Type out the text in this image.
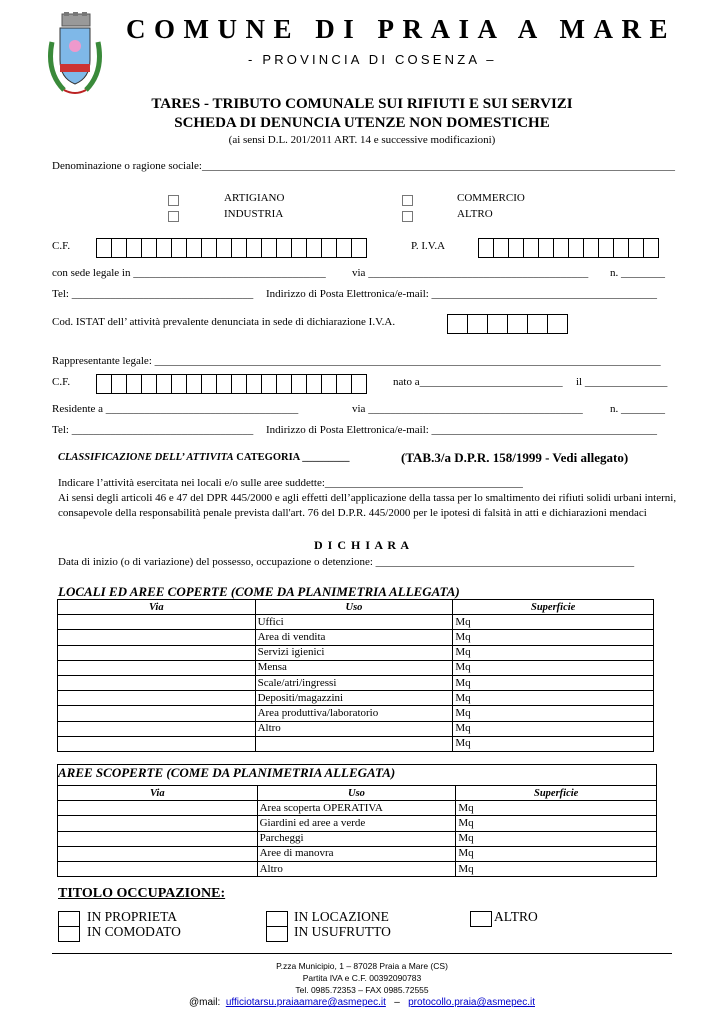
COMUNE DI PRAIA A MARE
- PROVINCIA DI COSENZA –
TARES - TRIBUTO COMUNALE SUI RIFIUTI E SUI SERVIZI
SCHEDA DI DENUNCIA UTENZE NON DOMESTICHE
(ai sensi D.L. 201/2011 ART. 14 e successive modificazioni)
Denominazione o ragione sociale:______________________________________________________________________________________
ARTIGIANO	COMMERCIO
INDUSTRIA	ALTRO
C.F.	P. I.V.A
con sede legale in ___________________________________ via ________________________________________ n. ________
Tel: _________________________________ Indirizzo di Posta Elettronica/e-mail: _________________________________________
Cod. ISTAT dell’ attività prevalente denunciata in sede di dichiarazione I.V.A.
Rappresentante legale: ____________________________________________________________________________________________
C.F.	nato a__________________________ il _______________
Residente a ___________________________________	via _______________________________________ n. ________
Tel: _________________________________ Indirizzo di Posta Elettronica/e-mail: _________________________________________
CLASSIFICAZIONE DELL’ ATTIVITA CATEGORIA _________	(TAB.3/a D.P.R. 158/1999 - Vedi allegato)
Indicare l’attività esercitata nei locali e/o sulle aree suddette:____________________________________
Ai sensi degli articoli 46 e 47 del DPR 445/2000 e agli effetti dell’applicazione della tassa per lo smaltimento dei rifiuti solidi urbani interni, consapevole della responsabilità penale prevista dall'art. 76 del D.P.R. 445/2000 per le ipotesi di falsità in atti e dichiarazioni mendaci
D I C H I A R A
Data di inizio (o di variazione) del possesso, occupazione o detenzione: _______________________________________________
LOCALI ED AREE COPERTE (COME DA PLANIMETRIA ALLEGATA)
Via	Uso	Superficie
	Uffici	Mq
	Area di vendita	Mq
	Servizi igienici	Mq
	Mensa	Mq
	Scale/atri/ingressi	Mq
	Depositi/magazzini	Mq
	Area produttiva/laboratorio	Mq
	Altro	Mq
		Mq
AREE SCOPERTE (COME DA PLANIMETRIA ALLEGATA)
Via	Uso	Superficie
	Area scoperta OPERATIVA	Mq
	Giardini ed aree a verde	Mq
	Parcheggi	Mq
	Aree di manovra	Mq
	Altro	Mq
TITOLO OCCUPAZIONE:
IN PROPRIETA
IN COMODATO
IN LOCAZIONE
IN USUFRUTTO
ALTRO
P.zza Municipio, 1 – 87028 Praia a Mare (CS)
Partita IVA e C.F. 00392090783
Tel. 0985.72353 – FAX 0985.72555
@mail: ufficiotarsu.praiaamare@asmepec.it – protocollo.praia@asmepec.it
